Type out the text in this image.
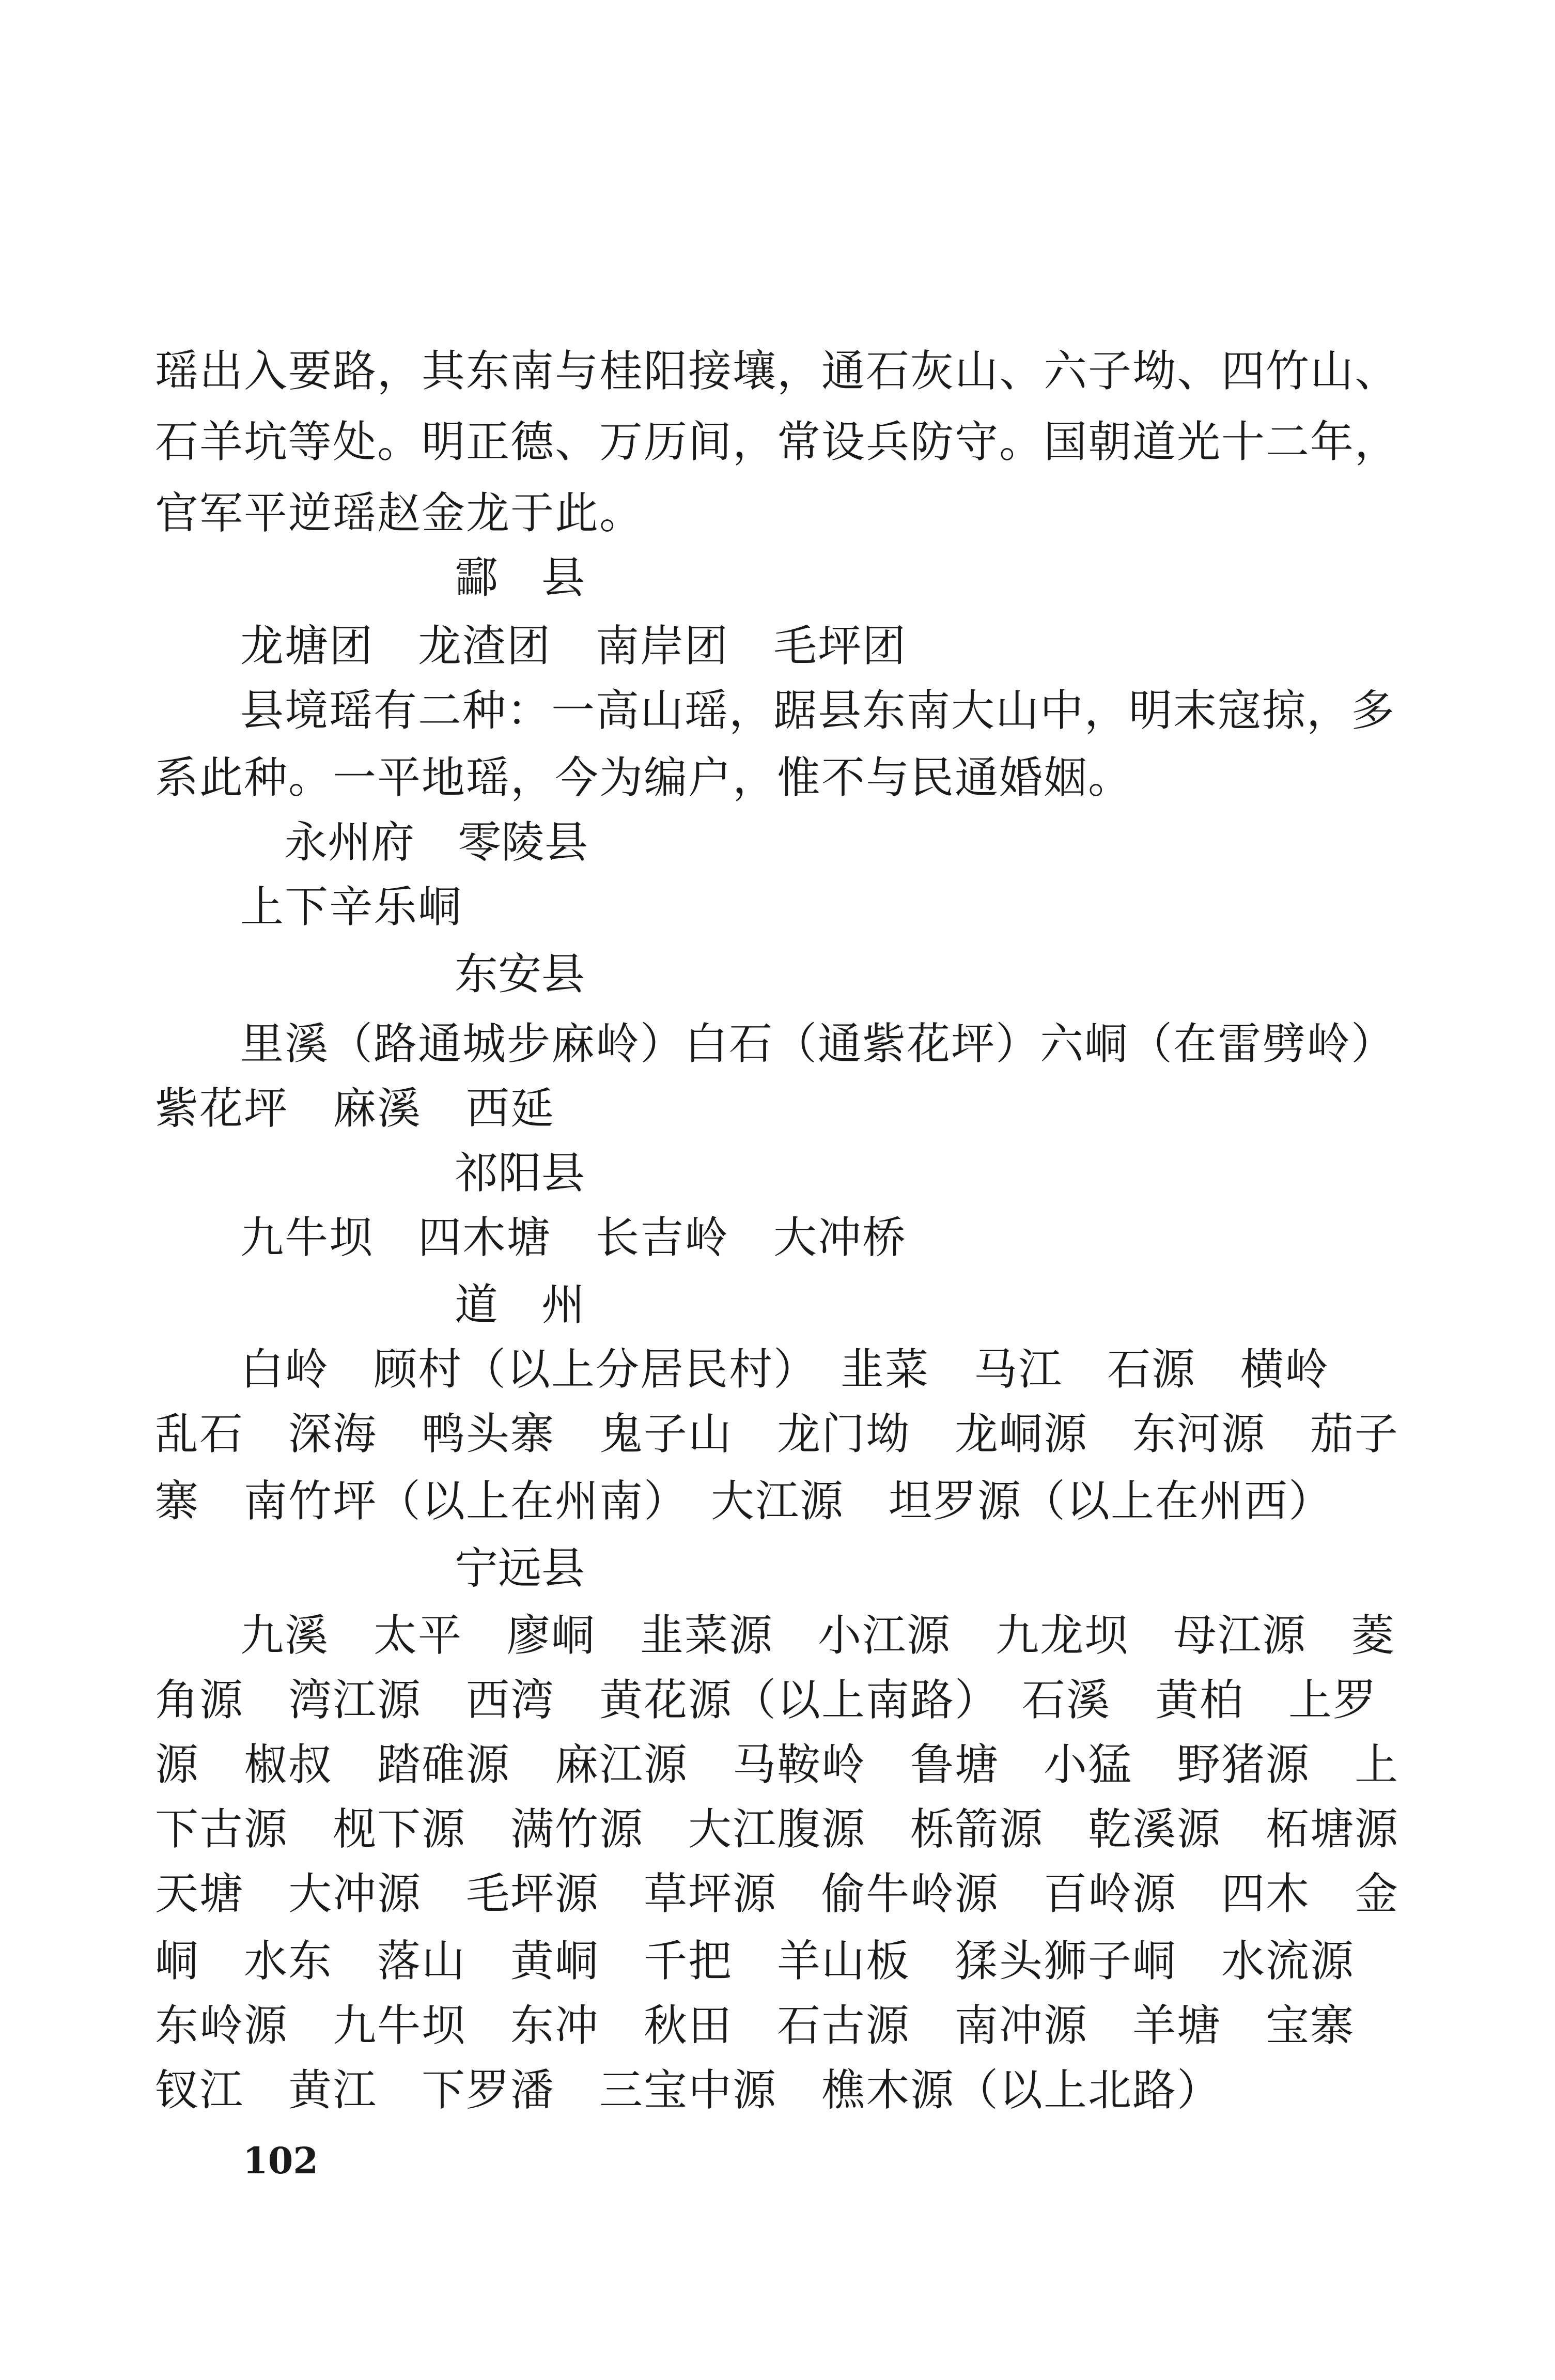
瑶出入要路，其东南与桂阳接壤，通石灰山、六子坳、四竹山、
石羊坑等处。明正德、万历间，常设兵防守。国朝道光十二年，
官军平逆瑶赵金龙于此。
酃　县
龙塘团　龙渣团　南岸团　毛坪团
县境瑶有二种：一高山瑶，踞县东南大山中，明末寇掠，多
系此种。一平地瑶，今为编户，惟不与民通婚姻。
永州府　零陵县
上下辛乐峒
东安县
里溪（路通城步麻岭）白石（通紫花坪）六峒（在雷劈岭）
紫花坪　麻溪　西延
祁阳县
九牛坝　四木塘　长吉岭　大冲桥
道　州
白岭　顾村（以上分居民村）　韭菜　马江　石源　横岭
乱石　深海　鸭头寨　鬼子山　龙门坳　龙峒源　东河源　茄子
寨　南竹坪（以上在州南）　大江源　坦罗源（以上在州西）
宁远县
九溪　太平　廖峒　韭菜源　小江源　九龙坝　母江源　菱
角源　湾江源　西湾　黄花源（以上南路）　石溪　黄柏　上罗
源　椒叔　踏碓源　麻江源　马鞍岭　鲁塘　小猛　野猪源　上
下古源　枧下源　满竹源　大江腹源　栎箭源　乾溪源　柘塘源
天塘　大冲源　毛坪源　草坪源　偷牛岭源　百岭源　四木　金
峒　水东　落山　黄峒　千把　羊山板　猱头狮子峒　水流源
东岭源　九牛坝　东冲　秋田　石古源　南冲源　羊塘　宝寨
钗江　黄江　下罗潘　三宝中源　樵木源（以上北路）
102
